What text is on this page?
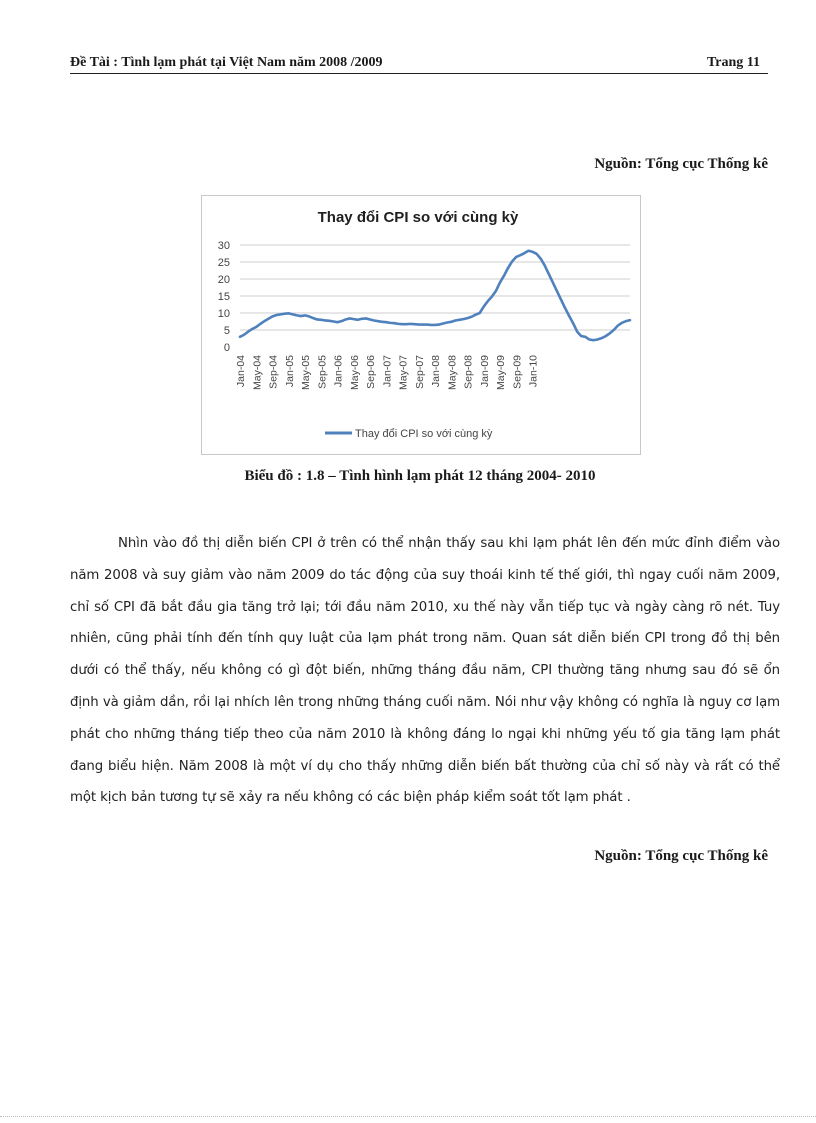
Đề Tài : Tình lạm phát tại Việt Nam năm 2008 /2009	Trang 11
Nguồn: Tổng cục Thống kê
Thay đổi CPI so với cùng kỳ
0
5
10
15
20
25
30
Jan-04 May-04 Sep-04 Jan-05 May-05 Sep-05 Jan-06 May-06 Sep-06 Jan-07 May-07 Sep-07 Jan-08 May-08 Sep-08 Jan-09 May-09 Sep-09 Jan-10
Thay đổi CPI so với cùng kỳ
Biểu đồ : 1.8 – Tình hình lạm phát 12 tháng 2004- 2010
Nhìn vào đồ thị diễn biến CPI ở trên có thể nhận thấy sau khi lạm phát lên đến mức đỉnh điểm vào năm 2008 và suy giảm vào năm 2009 do tác động của suy thoái kinh tế thế giới, thì ngay cuối năm 2009, chỉ số CPI đã bắt đầu gia tăng trở lại; tới đầu năm 2010, xu thế này vẫn tiếp tục và ngày càng rõ nét. Tuy nhiên, cũng phải tính đến tính quy luật của lạm phát trong năm. Quan sát diễn biến CPI trong đồ thị bên dưới có thể thấy, nếu không có gì đột biến, những tháng đầu năm, CPI thường tăng nhưng sau đó sẽ ổn định và giảm dần, rồi lại nhích lên trong những tháng cuối năm. Nói như vậy không có nghĩa là nguy cơ lạm phát cho những tháng tiếp theo của năm 2010 là không đáng lo ngại khi những yếu tố gia tăng lạm phát đang biểu hiện. Năm 2008 là một ví dụ cho thấy những diễn biến bất thường của chỉ số này và rất có thể một kịch bản tương tự sẽ xảy ra nếu không có các biện pháp kiểm soát tốt lạm phát .
Nguồn: Tổng cục Thống kê
